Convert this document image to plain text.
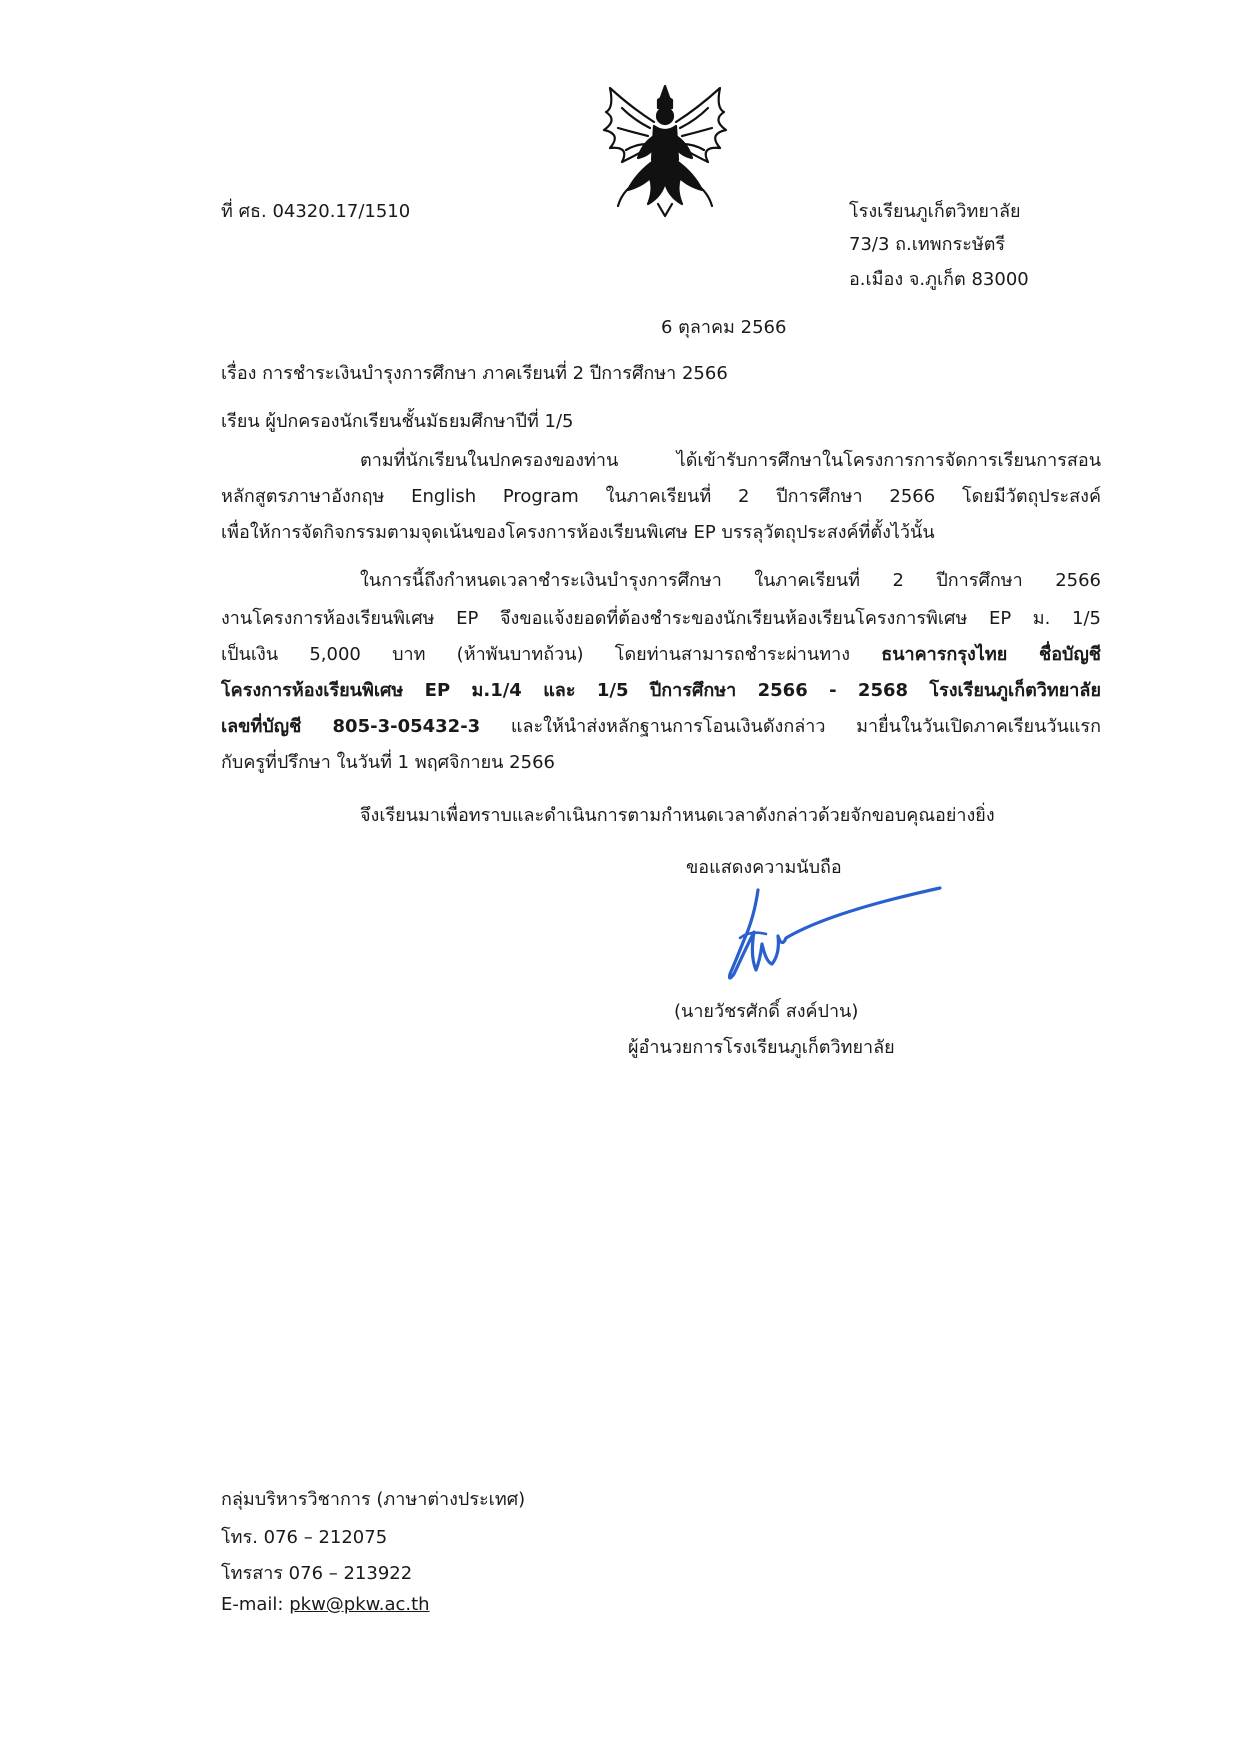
ที่ ศธ. 04320.17/1510	โรงเรียนภูเก็ตวิทยาลัย
73/3 ถ.เทพกระษัตรี
อ.เมือง จ.ภูเก็ต 83000
6 ตุลาคม 2566
เรื่อง การชำระเงินบำรุงการศึกษา ภาคเรียนที่ 2 ปีการศึกษา 2566
เรียน ผู้ปกครองนักเรียนชั้นมัธยมศึกษาปีที่ 1/5
ตามที่นักเรียนในปกครองของท่าน ได้เข้ารับการศึกษาในโครงการการจัดการเรียนการสอน
หลักสูตรภาษาอังกฤษ English Program ในภาคเรียนที่ 2 ปีการศึกษา 2566 โดยมีวัตถุประสงค์
เพื่อให้การจัดกิจกรรมตามจุดเน้นของโครงการห้องเรียนพิเศษ EP บรรลุวัตถุประสงค์ที่ตั้งไว้นั้น
ในการนี้ถึงกำหนดเวลาชำระเงินบำรุงการศึกษา ในภาคเรียนที่ 2 ปีการศึกษา 2566
งานโครงการห้องเรียนพิเศษ EP จึงขอแจ้งยอดที่ต้องชำระของนักเรียนห้องเรียนโครงการพิเศษ EP ม. 1/5
เป็นเงิน 5,000 บาท (ห้าพันบาทถ้วน) โดยท่านสามารถชำระผ่านทาง ธนาคารกรุงไทย ชื่อบัญชี
โครงการห้องเรียนพิเศษ EP ม.1/4 และ 1/5 ปีการศึกษา 2566 - 2568 โรงเรียนภูเก็ตวิทยาลัย
เลขที่บัญชี 805-3-05432-3 และให้นำส่งหลักฐานการโอนเงินดังกล่าว มายื่นในวันเปิดภาคเรียนวันแรก
กับครูที่ปรึกษา ในวันที่ 1 พฤศจิกายน 2566
จึงเรียนมาเพื่อทราบและดำเนินการตามกำหนดเวลาดังกล่าวด้วยจักขอบคุณอย่างยิ่ง
ขอแสดงความนับถือ
(นายวัชรศักดิ์ สงค์ปาน)
ผู้อำนวยการโรงเรียนภูเก็ตวิทยาลัย
กลุ่มบริหารวิชาการ (ภาษาต่างประเทศ)
โทร. 076 – 212075
โทรสาร 076 – 213922
E-mail: pkw@pkw.ac.th
